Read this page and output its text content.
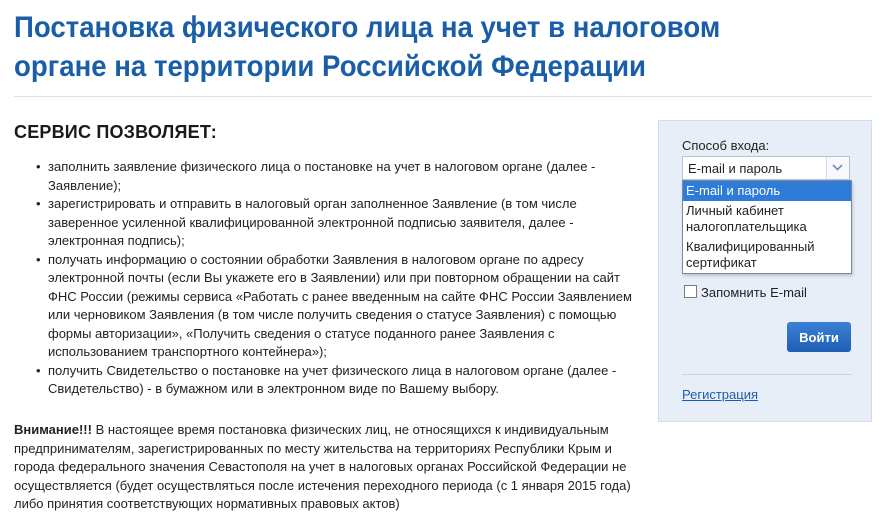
Постановка физического лица на учет в налоговом органе на территории Российской Федерации
СЕРВИС ПОЗВОЛЯЕТ:
• заполнить заявление физического лица о постановке на учет в налоговом органе (далее - Заявление);
• зарегистрировать и отправить в налоговый орган заполненное Заявление (в том числе заверенное усиленной квалифицированной электронной подписью заявителя, далее - электронная подпись);
• получать информацию о состоянии обработки Заявления в налоговом органе по адресу электронной почты (если Вы укажете его в Заявлении) или при повторном обращении на сайт ФНС России (режимы сервиса «Работать с ранее введенным на сайте ФНС России Заявлением или черновиком Заявления (в том числе получить сведения о статусе Заявления) с помощью формы авторизации», «Получить сведения о статусе поданного ранее Заявления с использованием транспортного контейнера»);
• получить Свидетельство о постановке на учет физического лица в налоговом органе (далее - Свидетельство) - в бумажном или в электронном виде по Вашему выбору.

Внимание!!! В настоящее время постановка физических лиц, не относящихся к индивидуальным предпринимателям, зарегистрированных по месту жительства на территориях Республики Крым и города федерального значения Севастополя на учет в налоговых органах Российской Федерации не осуществляется (будет осуществляться после истечения переходного периода (с 1 января 2015 года) либо принятия соответствующих нормативных правовых актов)

Способ входа:
E-mail и пароль
E-mail и пароль
Личный кабинет налогоплательщика
Квалифицированный сертификат
Запомнить E-mail
Войти
Регистрация
